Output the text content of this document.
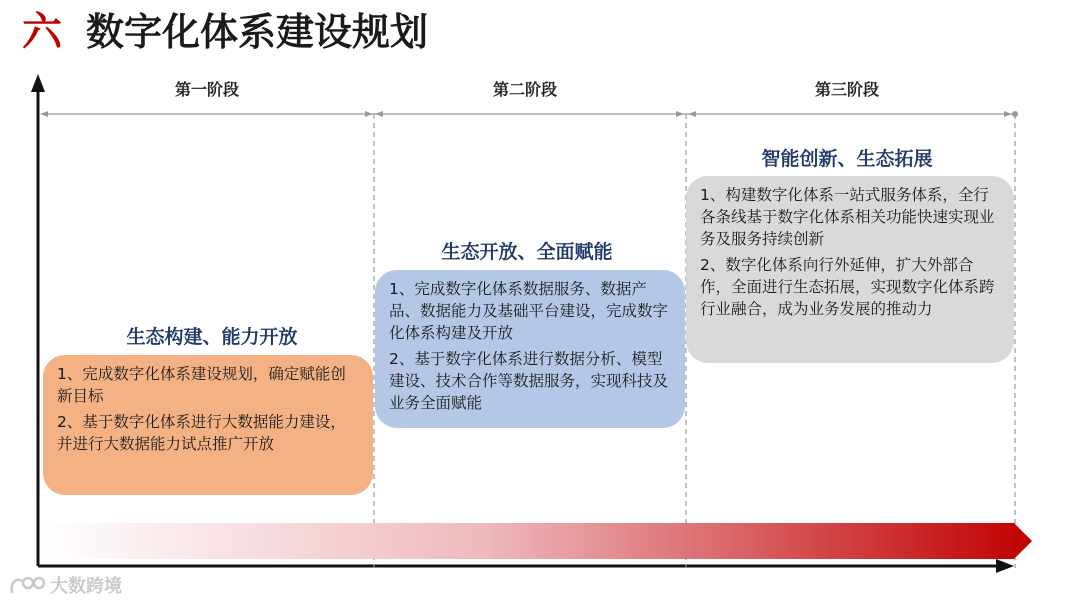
六 数字化体系建设规划
第一阶段	第二阶段	第三阶段
生态构建、能力开放
生态开放、全面赋能
智能创新、生态拓展

1、完成数字化体系建设规划，确定赋能创新目标

2、基于数字化体系进行大数据能力建设，并进行大数据能力试点推广开放

1、完成数字化体系数据服务、数据产品、数据能力及基础平台建设，完成数字化体系构建及开放

2、基于数字化体系进行数据分析、模型建设、技术合作等数据服务，实现科技及业务全面赋能

1、构建数字化体系一站式服务体系，全行各条线基于数字化体系相关功能快速实现业务及服务持续创新

2、数字化体系向行外延伸，扩大外部合作，全面进行生态拓展，实现数字化体系跨行业融合，成为业务发展的推动力

大数跨境
